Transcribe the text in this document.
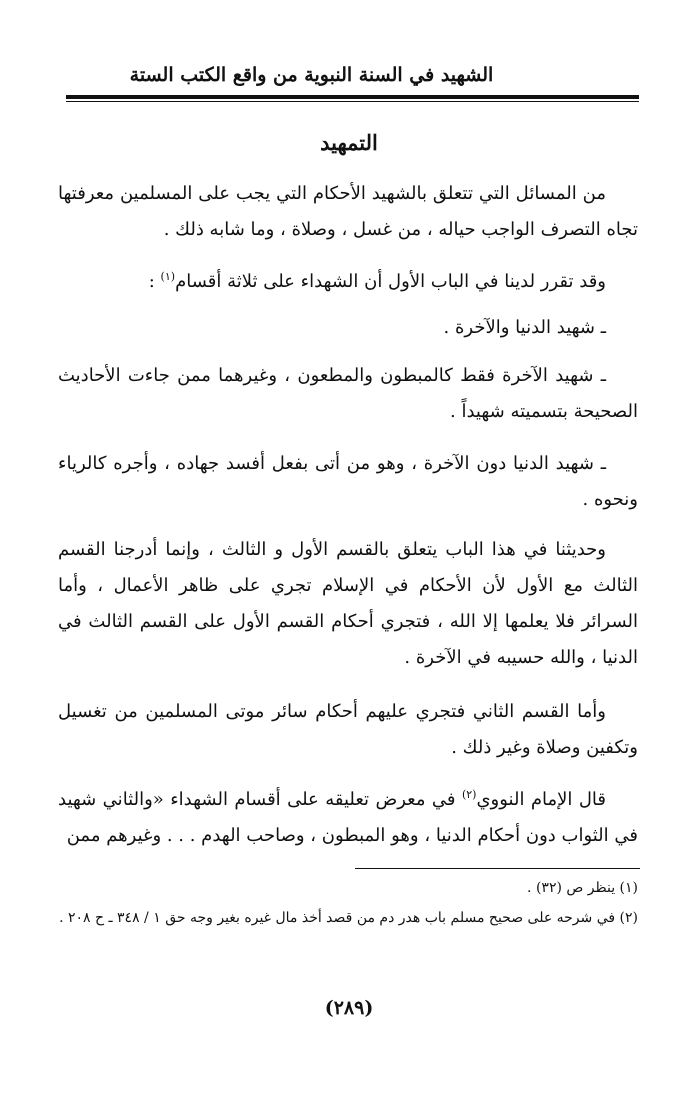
الشهيد في السنة النبوية من واقع الكتب الستة
التمهيد

من المسائل التي تتعلق بالشهيد الأحكام التي يجب على المسلمين معرفتها تجاه التصرف الواجب حياله ، من غسل ، وصلاة ، وما شابه ذلك .

وقد تقرر لدينا في الباب الأول أن الشهداء على ثلاثة أقسام$^{(١)}$ :

ـ شهيد الدنيا والآخرة .

ـ شهيد الآخرة فقط كالمبطون والمطعون ، وغيرهما ممن جاءت الأحاديث الصحيحة بتسميته شهيداً .

ـ شهيد الدنيا دون الآخرة ، وهو من أتى بفعل أفسد جهاده ، وأجره كالرياء ونحوه .

وحديثنا في هذا الباب يتعلق بالقسم الأول و الثالث ، وإنما أدرجنا القسم الثالث مع الأول لأن الأحكام في الإسلام تجري على ظاهر الأعمال ، وأما السرائر فلا يعلمها إلا الله ، فتجري أحكام القسم الأول على القسم الثالث في الدنيا ، والله حسيبه في الآخرة .

وأما القسم الثاني فتجري عليهم أحكام سائر موتى المسلمين من تغسيل وتكفين وصلاة وغير ذلك .

قال الإمام النووي$^{(٢)}$ في معرض تعليقه على أقسام الشهداء «والثاني شهيد في الثواب دون أحكام الدنيا ، وهو المبطون ، وصاحب الهدم . . . وغيرهم ممن

(١) ينظر ص (٣٢) .
(٢) في شرحه على صحيح مسلم باب هدر دم من قصد أخذ مال غيره بغير وجه حق ١ / ٣٤٨ ـ ح ٢٠٨ .
(٢٨٩)
